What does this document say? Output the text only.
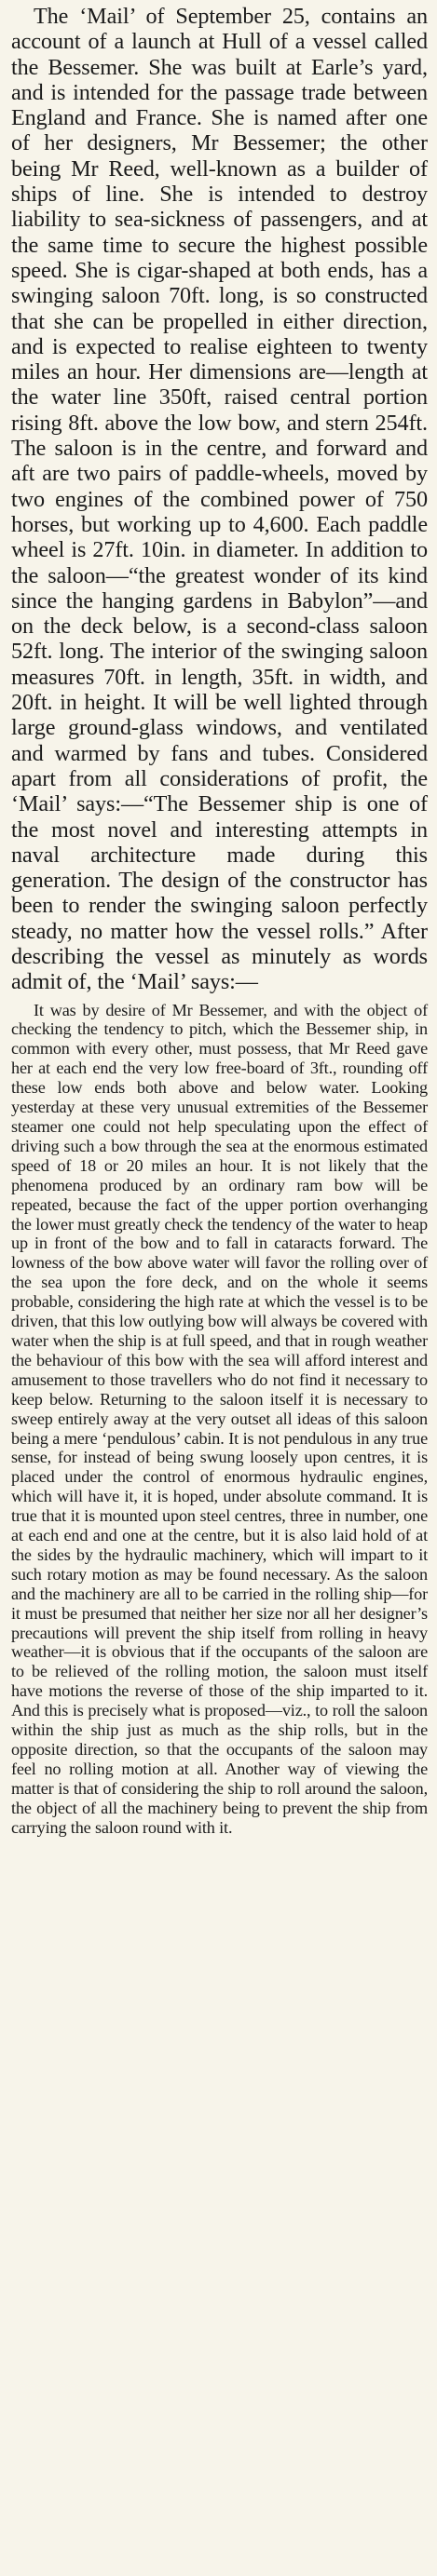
The ‘Mail’ of September 25, contains an account of a launch at Hull of a vessel called the Bessemer. She was built at Earle’s yard, and is intended for the passage trade between England and France. She is named after one of her designers, Mr Bessemer; the other being Mr Reed, well-known as a builder of ships of line. She is intended to destroy liability to sea-sickness of passengers, and at the same time to secure the highest possible speed. She is cigar-shaped at both ends, has a swinging saloon 70ft. long, is so constructed that she can be propelled in either direction, and is expected to realise eighteen to twenty miles an hour. Her dimensions are—length at the water line 350ft, raised central portion rising 8ft. above the low bow, and stern 254ft. The saloon is in the centre, and forward and aft are two pairs of paddle-wheels, moved by two engines of the combined power of 750 horses, but working up to 4,600. Each paddle wheel is 27ft. 10in. in diameter. In addition to the saloon—“the greatest wonder of its kind since the hanging gardens in Babylon”—and on the deck below, is a second-class saloon 52ft. long. The interior of the swinging saloon measures 70ft. in length, 35ft. in width, and 20ft. in height. It will be well lighted through large ground-glass windows, and ventilated and warmed by fans and tubes. Considered apart from all considerations of profit, the ‘Mail’ says:—“The Bessemer ship is one of the most novel and interesting attempts in naval architecture made during this generation. The design of the constructor has been to render the swinging saloon perfectly steady, no matter how the vessel rolls.” After describing the vessel as minutely as words admit of, the ‘Mail’ says:—

It was by desire of Mr Bessemer, and with the object of checking the tendency to pitch, which the Bessemer ship, in common with every other, must possess, that Mr Reed gave her at each end the very low free-board of 3ft., rounding off these low ends both above and below water. Looking yesterday at these very unusual extremities of the Bessemer steamer one could not help speculating upon the effect of driving such a bow through the sea at the enormous estimated speed of 18 or 20 miles an hour. It is not likely that the phenomena produced by an ordinary ram bow will be repeated, because the fact of the upper portion overhanging the lower must greatly check the tendency of the water to heap up in front of the bow and to fall in cataracts forward. The lowness of the bow above water will favor the rolling over of the sea upon the fore deck, and on the whole it seems probable, considering the high rate at which the vessel is to be driven, that this low outlying bow will always be covered with water when the ship is at full speed, and that in rough weather the behaviour of this bow with the sea will afford interest and amusement to those travellers who do not find it necessary to keep below. Returning to the saloon itself it is necessary to sweep entirely away at the very outset all ideas of this saloon being a mere ‘pendulous’ cabin. It is not pendulous in any true sense, for instead of being swung loosely upon centres, it is placed under the control of enormous hydraulic engines, which will have it, it is hoped, under absolute command. It is true that it is mounted upon steel centres, three in number, one at each end and one at the centre, but it is also laid hold of at the sides by the hydraulic machinery, which will impart to it such rotary motion as may be found necessary. As the saloon and the machinery are all to be carried in the rolling ship—for it must be presumed that neither her size nor all her designer’s precautions will prevent the ship itself from rolling in heavy weather—it is obvious that if the occupants of the saloon are to be relieved of the rolling motion, the saloon must itself have motions the reverse of those of the ship imparted to it. And this is precisely what is proposed—viz., to roll the saloon within the ship just as much as the ship rolls, but in the opposite direction, so that the occupants of the saloon may feel no rolling motion at all. Another way of viewing the matter is that of considering the ship to roll around the saloon, the object of all the machinery being to prevent the ship from carrying the saloon round with it.
